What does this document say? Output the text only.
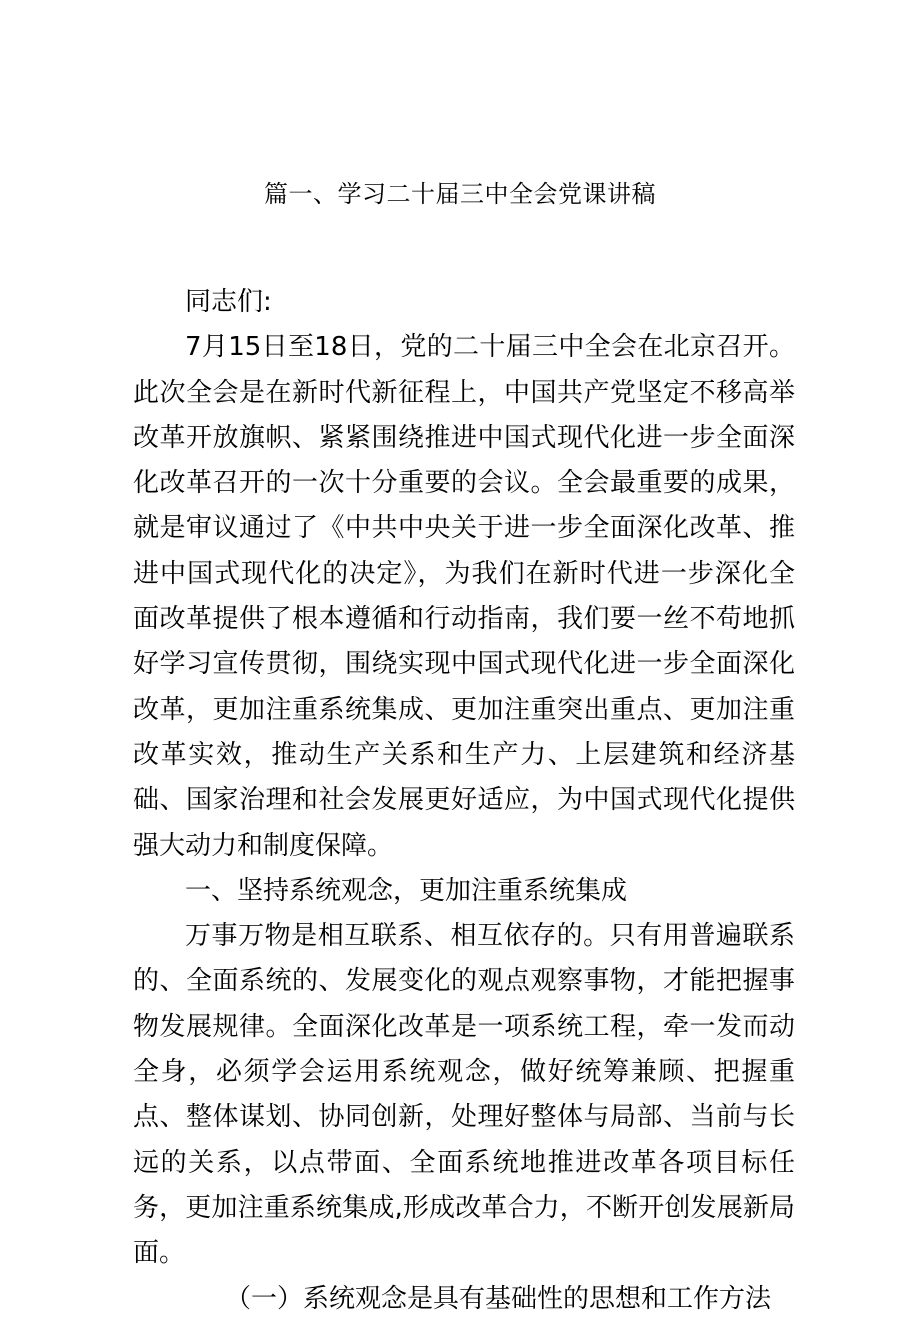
篇一、学习二十届三中全会党课讲稿

同志们:

7月15日至18日，党的二十届三中全会在北京召开。此次全会是在新时代新征程上，中国共产党坚定不移高举改革开放旗帜、紧紧围绕推进中国式现代化进一步全面深化改革召开的一次十分重要的会议。全会最重要的成果，就是审议通过了《中共中央关于进一步全面深化改革、推进中国式现代化的决定》，为我们在新时代进一步深化全面改革提供了根本遵循和行动指南，我们要一丝不苟地抓好学习宣传贯彻，围绕实现中国式现代化进一步全面深化改革，更加注重系统集成、更加注重突出重点、更加注重改革实效，推动生产关系和生产力、上层建筑和经济基础、国家治理和社会发展更好适应，为中国式现代化提供强大动力和制度保障。

一、坚持系统观念，更加注重系统集成

万事万物是相互联系、相互依存的。只有用普遍联系的、全面系统的、发展变化的观点观察事物，才能把握事物发展规律。全面深化改革是一项系统工程，牵一发而动全身，必须学会运用系统观念，做好统筹兼顾、把握重点、整体谋划、协同创新，处理好整体与局部、当前与长远的关系，以点带面、全面系统地推进改革各项目标任务，更加注重系统集成,形成改革合力，不断开创发展新局面。

（一）系统观念是具有基础性的思想和工作方法
